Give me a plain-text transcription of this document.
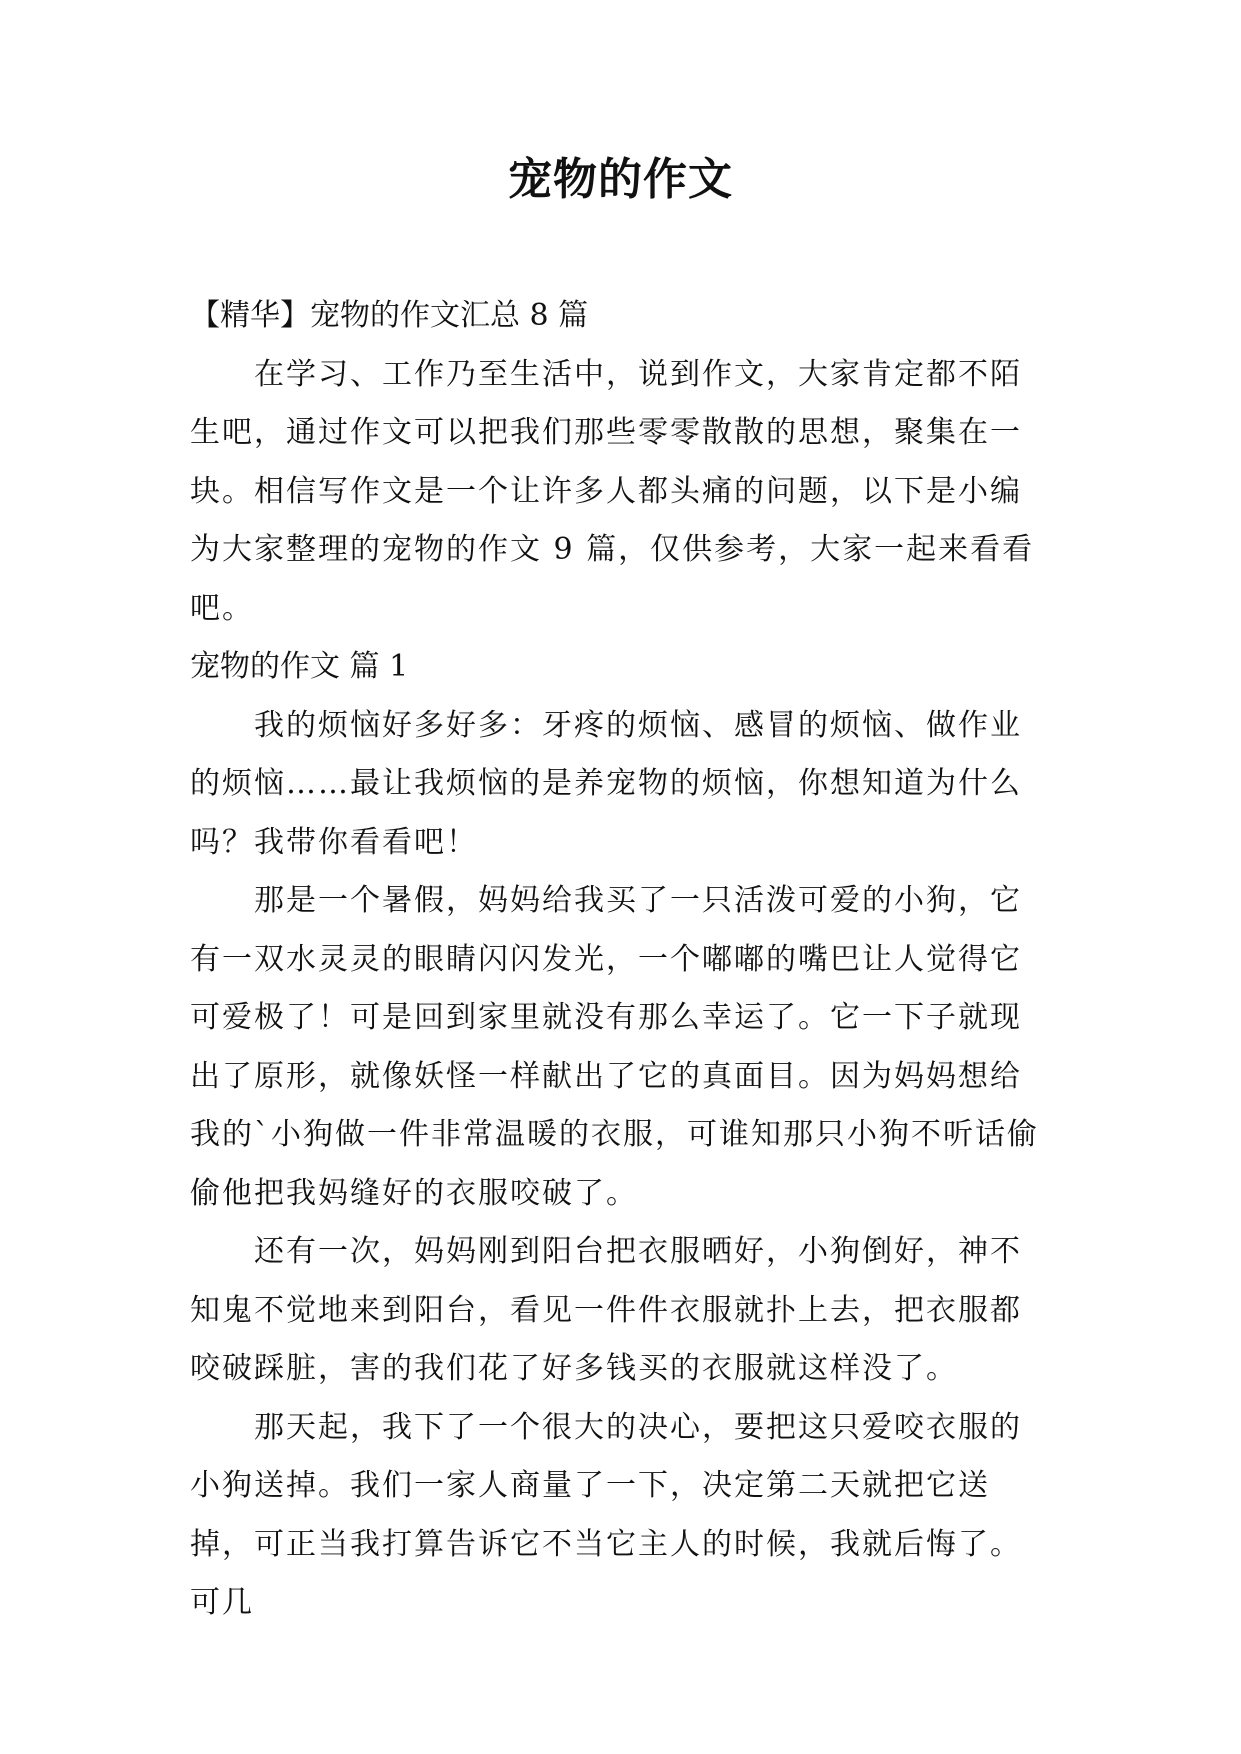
宠物的作文

【精华】宠物的作文汇总 8 篇

在学习、工作乃至生活中，说到作文，大家肯定都不陌生吧，通过作文可以把我们那些零零散散的思想，聚集在一块。相信写作文是一个让许多人都头痛的问题，以下是小编为大家整理的宠物的作文 9 篇，仅供参考，大家一起来看看吧。

宠物的作文 篇 1

我的烦恼好多好多：牙疼的烦恼、感冒的烦恼、做作业的烦恼……最让我烦恼的是养宠物的烦恼，你想知道为什么吗？我带你看看吧！

那是一个暑假，妈妈给我买了一只活泼可爱的小狗，它有一双水灵灵的眼睛闪闪发光，一个嘟嘟的嘴巴让人觉得它可爱极了！可是回到家里就没有那么幸运了。它一下子就现出了原形，就像妖怪一样献出了它的真面目。因为妈妈想给我的`小狗做一件非常温暖的衣服，可谁知那只小狗不听话偷偷他把我妈缝好的衣服咬破了。

还有一次，妈妈刚到阳台把衣服晒好，小狗倒好，神不知鬼不觉地来到阳台，看见一件件衣服就扑上去，把衣服都咬破踩脏，害的我们花了好多钱买的衣服就这样没了。

那天起，我下了一个很大的决心，要把这只爱咬衣服的小狗送掉。我们一家人商量了一下，决定第二天就把它送掉，可正当我打算告诉它不当它主人的时候，我就后悔了。可几
